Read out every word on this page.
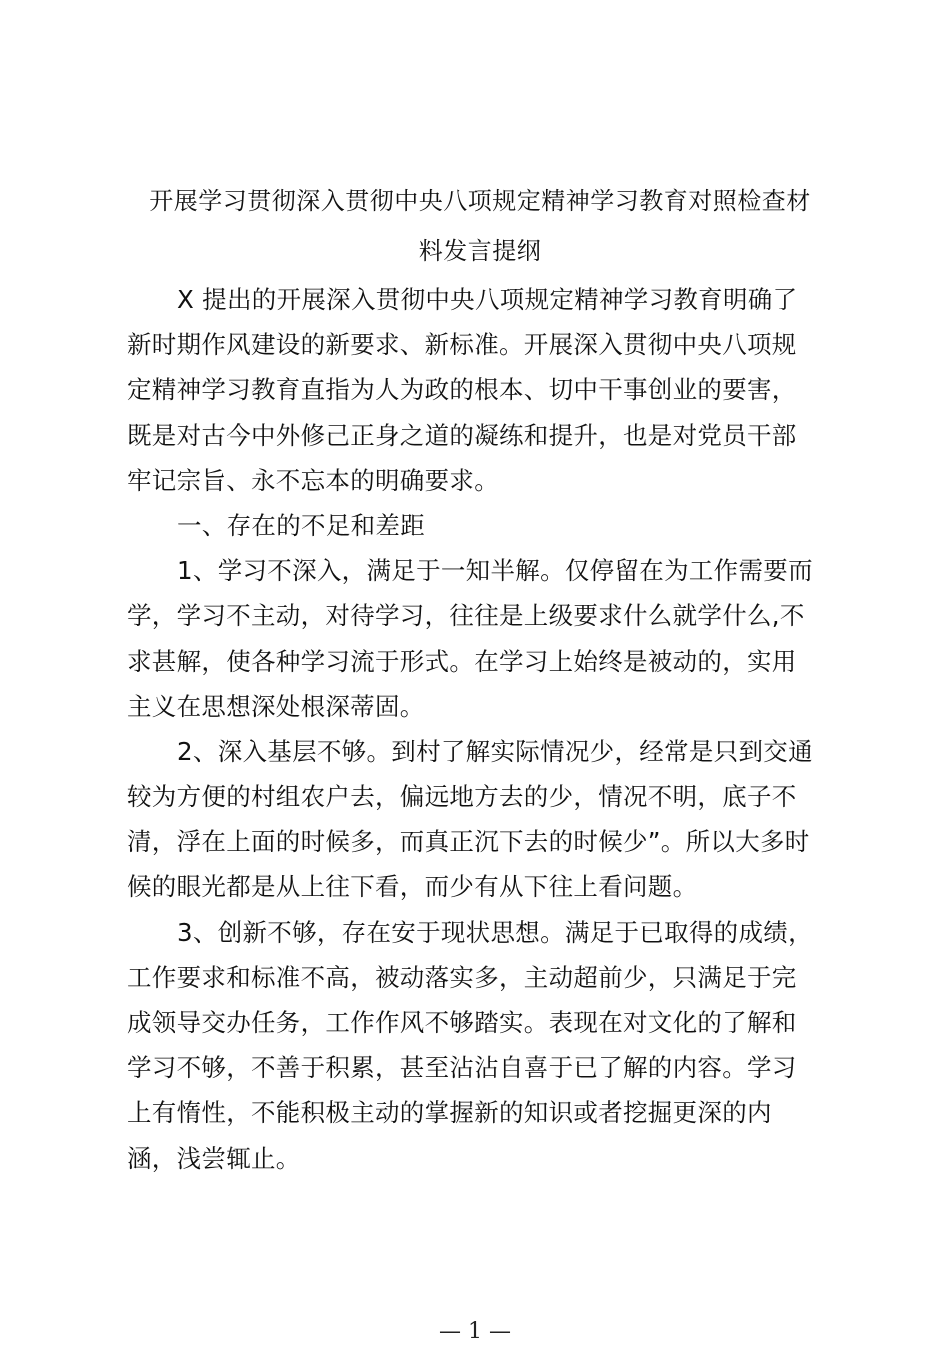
开展学习贯彻深入贯彻中央八项规定精神学习教育对照检查材
料发言提纲
X 提出的开展深入贯彻中央八项规定精神学习教育明确了
新时期作风建设的新要求、新标准。开展深入贯彻中央八项规
定精神学习教育直指为人为政的根本、切中干事创业的要害，
既是对古今中外修己正身之道的凝练和提升，也是对党员干部
牢记宗旨、永不忘本的明确要求。
一、存在的不足和差距
1、学习不深入，满足于一知半解。仅停留在为工作需要而
学，学习不主动，对待学习，往往是上级要求什么就学什么,不
求甚解，使各种学习流于形式。在学习上始终是被动的，实用
主义在思想深处根深蒂固。
2、深入基层不够。到村了解实际情况少，经常是只到交通
较为方便的村组农户去，偏远地方去的少，情况不明，底子不
清，浮在上面的时候多，而真正沉下去的时候少”。所以大多时
候的眼光都是从上往下看，而少有从下往上看问题。
3、创新不够，存在安于现状思想。满足于已取得的成绩，
工作要求和标准不高，被动落实多，主动超前少，只满足于完
成领导交办任务，工作作风不够踏实。表现在对文化的了解和
学习不够，不善于积累，甚至沾沾自喜于已了解的内容。学习
上有惰性，不能积极主动的掌握新的知识或者挖掘更深的内
涵，浅尝辄止。
— 1 —
